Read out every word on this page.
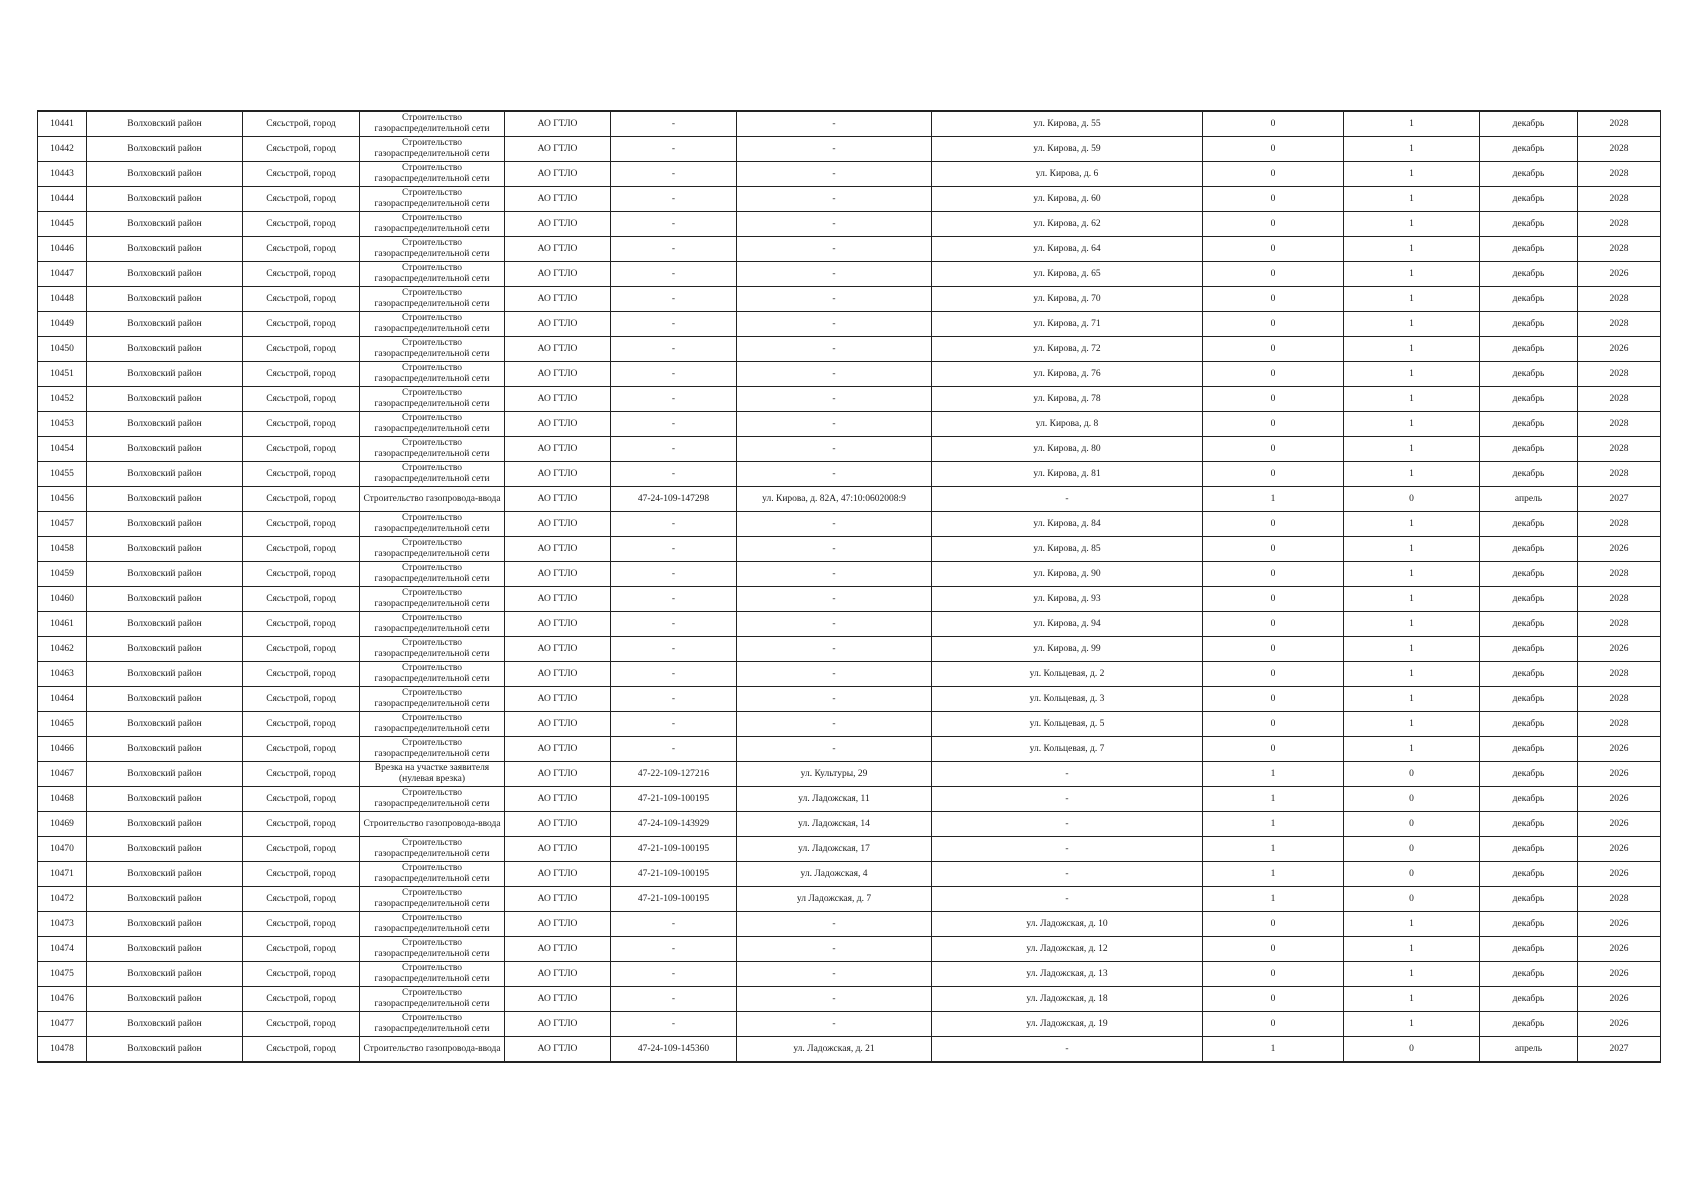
10441	Волховский район	Сясьстрой, город	Строительство газораспределительной сети	АО ГТЛО	-	-	ул. Кирова, д. 55	0	1	декабрь	2028
10442	Волховский район	Сясьстрой, город	Строительство газораспределительной сети	АО ГТЛО	-	-	ул. Кирова, д. 59	0	1	декабрь	2028
10443	Волховский район	Сясьстрой, город	Строительство газораспределительной сети	АО ГТЛО	-	-	ул. Кирова, д. 6	0	1	декабрь	2028
10444	Волховский район	Сясьстрой, город	Строительство газораспределительной сети	АО ГТЛО	-	-	ул. Кирова, д. 60	0	1	декабрь	2028
10445	Волховский район	Сясьстрой, город	Строительство газораспределительной сети	АО ГТЛО	-	-	ул. Кирова, д. 62	0	1	декабрь	2028
10446	Волховский район	Сясьстрой, город	Строительство газораспределительной сети	АО ГТЛО	-	-	ул. Кирова, д. 64	0	1	декабрь	2028
10447	Волховский район	Сясьстрой, город	Строительство газораспределительной сети	АО ГТЛО	-	-	ул. Кирова, д. 65	0	1	декабрь	2026
10448	Волховский район	Сясьстрой, город	Строительство газораспределительной сети	АО ГТЛО	-	-	ул. Кирова, д. 70	0	1	декабрь	2028
10449	Волховский район	Сясьстрой, город	Строительство газораспределительной сети	АО ГТЛО	-	-	ул. Кирова, д. 71	0	1	декабрь	2028
10450	Волховский район	Сясьстрой, город	Строительство газораспределительной сети	АО ГТЛО	-	-	ул. Кирова, д. 72	0	1	декабрь	2026
10451	Волховский район	Сясьстрой, город	Строительство газораспределительной сети	АО ГТЛО	-	-	ул. Кирова, д. 76	0	1	декабрь	2028
10452	Волховский район	Сясьстрой, город	Строительство газораспределительной сети	АО ГТЛО	-	-	ул. Кирова, д. 78	0	1	декабрь	2028
10453	Волховский район	Сясьстрой, город	Строительство газораспределительной сети	АО ГТЛО	-	-	ул. Кирова, д. 8	0	1	декабрь	2028
10454	Волховский район	Сясьстрой, город	Строительство газораспределительной сети	АО ГТЛО	-	-	ул. Кирова, д. 80	0	1	декабрь	2028
10455	Волховский район	Сясьстрой, город	Строительство газораспределительной сети	АО ГТЛО	-	-	ул. Кирова, д. 81	0	1	декабрь	2028
10456	Волховский район	Сясьстрой, город	Строительство газопровода-ввода	АО ГТЛО	47-24-109-147298	ул. Кирова, д. 82А, 47:10:0602008:9	-	1	0	апрель	2027
10457	Волховский район	Сясьстрой, город	Строительство газораспределительной сети	АО ГТЛО	-	-	ул. Кирова, д. 84	0	1	декабрь	2028
10458	Волховский район	Сясьстрой, город	Строительство газораспределительной сети	АО ГТЛО	-	-	ул. Кирова, д. 85	0	1	декабрь	2026
10459	Волховский район	Сясьстрой, город	Строительство газораспределительной сети	АО ГТЛО	-	-	ул. Кирова, д. 90	0	1	декабрь	2028
10460	Волховский район	Сясьстрой, город	Строительство газораспределительной сети	АО ГТЛО	-	-	ул. Кирова, д. 93	0	1	декабрь	2028
10461	Волховский район	Сясьстрой, город	Строительство газораспределительной сети	АО ГТЛО	-	-	ул. Кирова, д. 94	0	1	декабрь	2028
10462	Волховский район	Сясьстрой, город	Строительство газораспределительной сети	АО ГТЛО	-	-	ул. Кирова, д. 99	0	1	декабрь	2026
10463	Волховский район	Сясьстрой, город	Строительство газораспределительной сети	АО ГТЛО	-	-	ул. Кольцевая, д. 2	0	1	декабрь	2028
10464	Волховский район	Сясьстрой, город	Строительство газораспределительной сети	АО ГТЛО	-	-	ул. Кольцевая, д. 3	0	1	декабрь	2028
10465	Волховский район	Сясьстрой, город	Строительство газораспределительной сети	АО ГТЛО	-	-	ул. Кольцевая, д. 5	0	1	декабрь	2028
10466	Волховский район	Сясьстрой, город	Строительство газораспределительной сети	АО ГТЛО	-	-	ул. Кольцевая, д. 7	0	1	декабрь	2026
10467	Волховский район	Сясьстрой, город	Врезка на участке заявителя (нулевая врезка)	АО ГТЛО	47-22-109-127216	ул. Культуры, 29	-	1	0	декабрь	2026
10468	Волховский район	Сясьстрой, город	Строительство газораспределительной сети	АО ГТЛО	47-21-109-100195	ул. Ладожская, 11	-	1	0	декабрь	2026
10469	Волховский район	Сясьстрой, город	Строительство газопровода-ввода	АО ГТЛО	47-24-109-143929	ул. Ладожская, 14	-	1	0	декабрь	2026
10470	Волховский район	Сясьстрой, город	Строительство газораспределительной сети	АО ГТЛО	47-21-109-100195	ул. Ладожская, 17	-	1	0	декабрь	2026
10471	Волховский район	Сясьстрой, город	Строительство газораспределительной сети	АО ГТЛО	47-21-109-100195	ул. Ладожская, 4	-	1	0	декабрь	2026
10472	Волховский район	Сясьстрой, город	Строительство газораспределительной сети	АО ГТЛО	47-21-109-100195	ул Ладожская, д. 7	-	1	0	декабрь	2028
10473	Волховский район	Сясьстрой, город	Строительство газораспределительной сети	АО ГТЛО	-	-	ул. Ладожская, д. 10	0	1	декабрь	2026
10474	Волховский район	Сясьстрой, город	Строительство газораспределительной сети	АО ГТЛО	-	-	ул. Ладожская, д. 12	0	1	декабрь	2026
10475	Волховский район	Сясьстрой, город	Строительство газораспределительной сети	АО ГТЛО	-	-	ул. Ладожская, д. 13	0	1	декабрь	2026
10476	Волховский район	Сясьстрой, город	Строительство газораспределительной сети	АО ГТЛО	-	-	ул. Ладожская, д. 18	0	1	декабрь	2026
10477	Волховский район	Сясьстрой, город	Строительство газораспределительной сети	АО ГТЛО	-	-	ул. Ладожская, д. 19	0	1	декабрь	2026
10478	Волховский район	Сясьстрой, город	Строительство газопровода-ввода	АО ГТЛО	47-24-109-145360	ул. Ладожская, д. 21	-	1	0	апрель	2027
